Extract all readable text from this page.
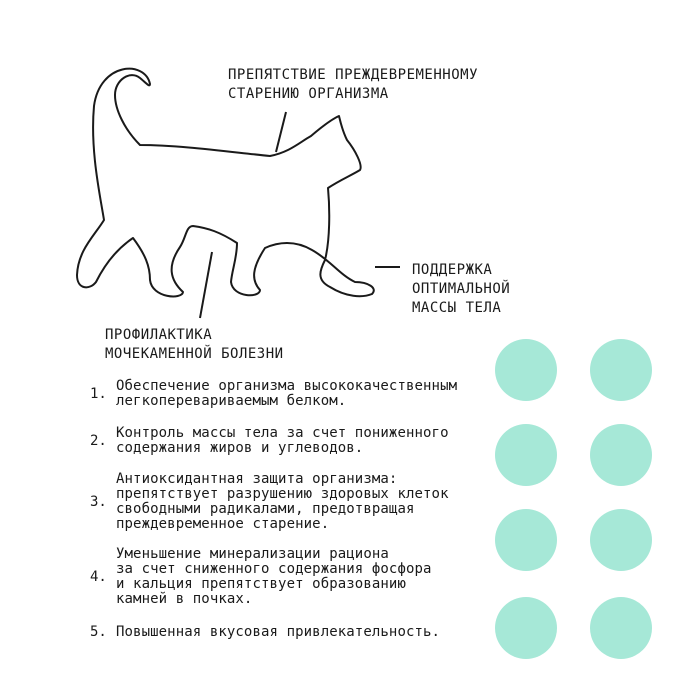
ПРЕПЯТСТВИЕ ПРЕЖДЕВРЕМЕННОМУ
СТАРЕНИЮ ОРГАНИЗМА
ПОДДЕРЖКА
ОПТИМАЛЬНОЙ
МАССЫ ТЕЛА
ПРОФИЛАКТИКА
МОЧЕКАМЕННОЙ БОЛЕЗНИ
1. Обеспечение организма высококачественным
легкоперевариваемым белком.
2. Контроль массы тела за счет пониженного
содержания жиров и углеводов.
3.
Антиоксидантная защита организма:
препятствует разрушению здоровых клеток
свободными радикалами, предотвращая
преждевременное старение.
4.
Уменьшение минерализации рациона
за счет сниженного содержания фосфора
и кальция препятствует образованию
камней в почках.
5. Повышенная вкусовая привлекательность.
